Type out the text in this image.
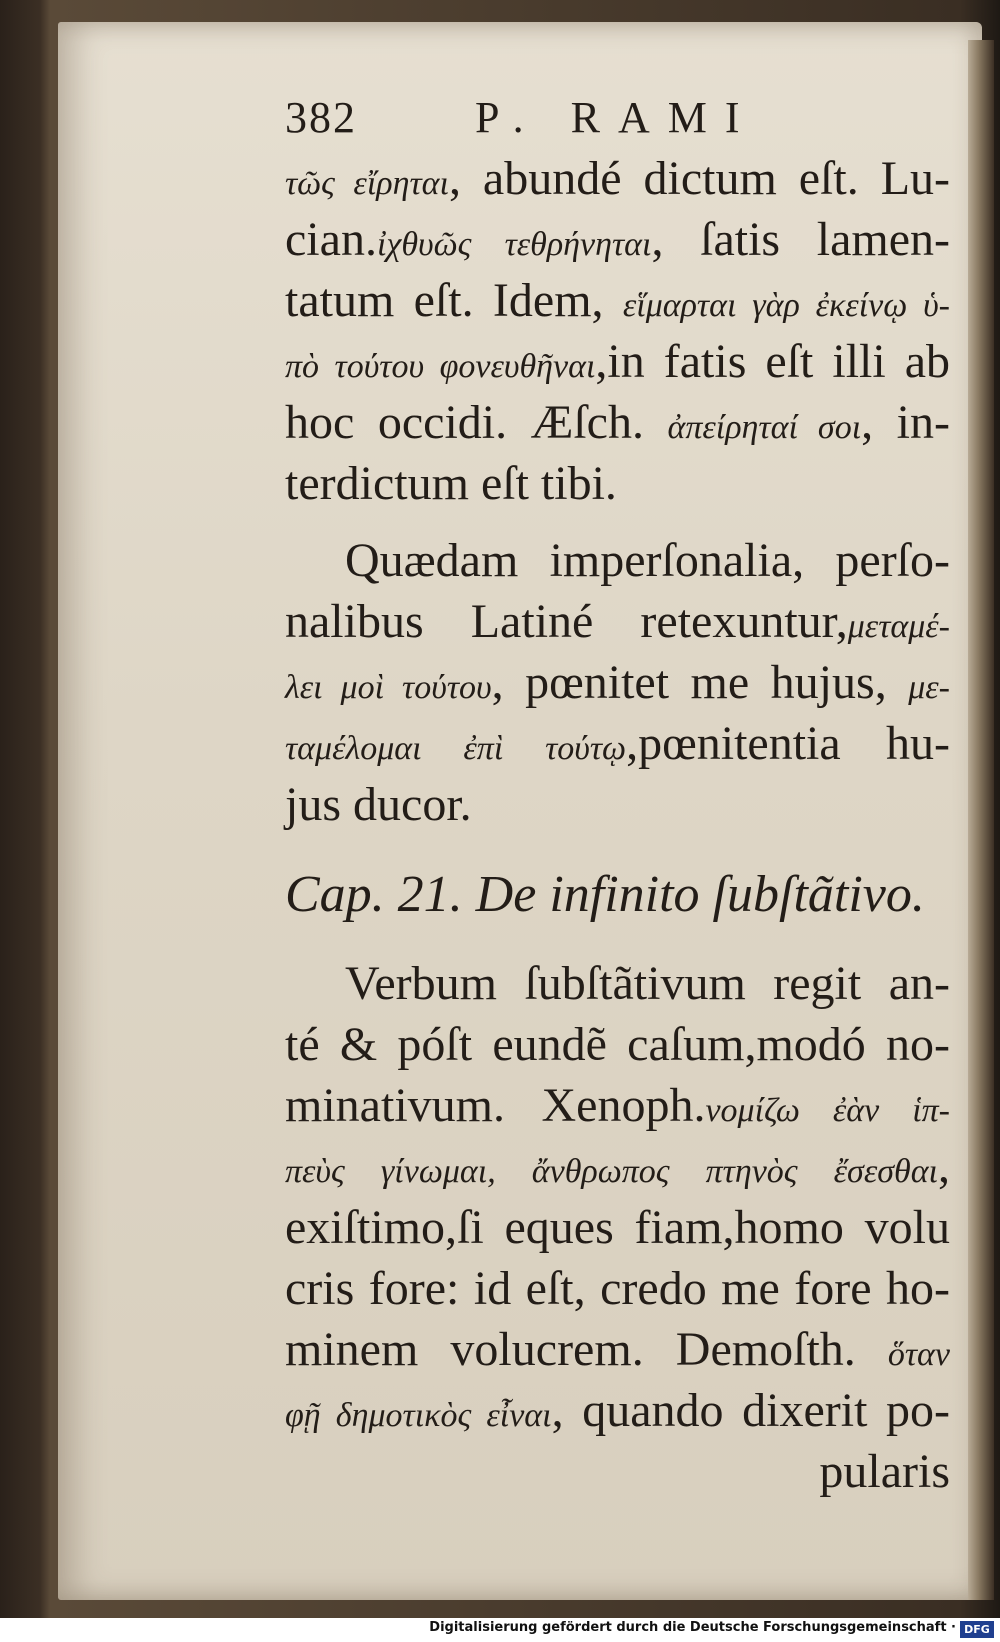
382	P. RAMI
τῶς εἴρηται, abundé dictum eſt. Lu-
cian.ἰχθυῶς τεθρήνηται, ſatis lamen-
tatum eſt. Idem, εἵμαρται γὰρ ἐκείνῳ ὑ-
πὸ τούτου φονευθῆναι,in fatis eſt illi ab
hoc occidi. Æſch. ἀπείρηταί σοι, in-
terdictum eſt tibi.
Quædam imperſonalia, perſo-
nalibus Latiné retexuntur,μεταμέ-
λει μοὶ τούτου, pœnitet me hujus, με-
ταμέλομαι ἐπὶ τούτῳ,pœnitentia hu-
jus ducor.
Cap. 21. De infinito ſubſtãtivo.
Verbum ſubſtãtivum regit an-
té & póſt eundẽ caſum,modó no-
minativum. Xenoph.νομίζω ἐὰν ἱπ-
πεὺς γίνωμαι, ἄνθρωπος πτηνὸς ἔσεσθαι,
exiſtimo,ſi eques fiam,homo volu
cris fore: id eſt, credo me fore ho-
minem volucrem. Demoſth. ὅταν
φῇ δημοτικὸς εἶναι, quando dixerit po-
pularis
Digitalisierung gefördert durch die Deutsche Forschungsgemeinschaft · DFG
